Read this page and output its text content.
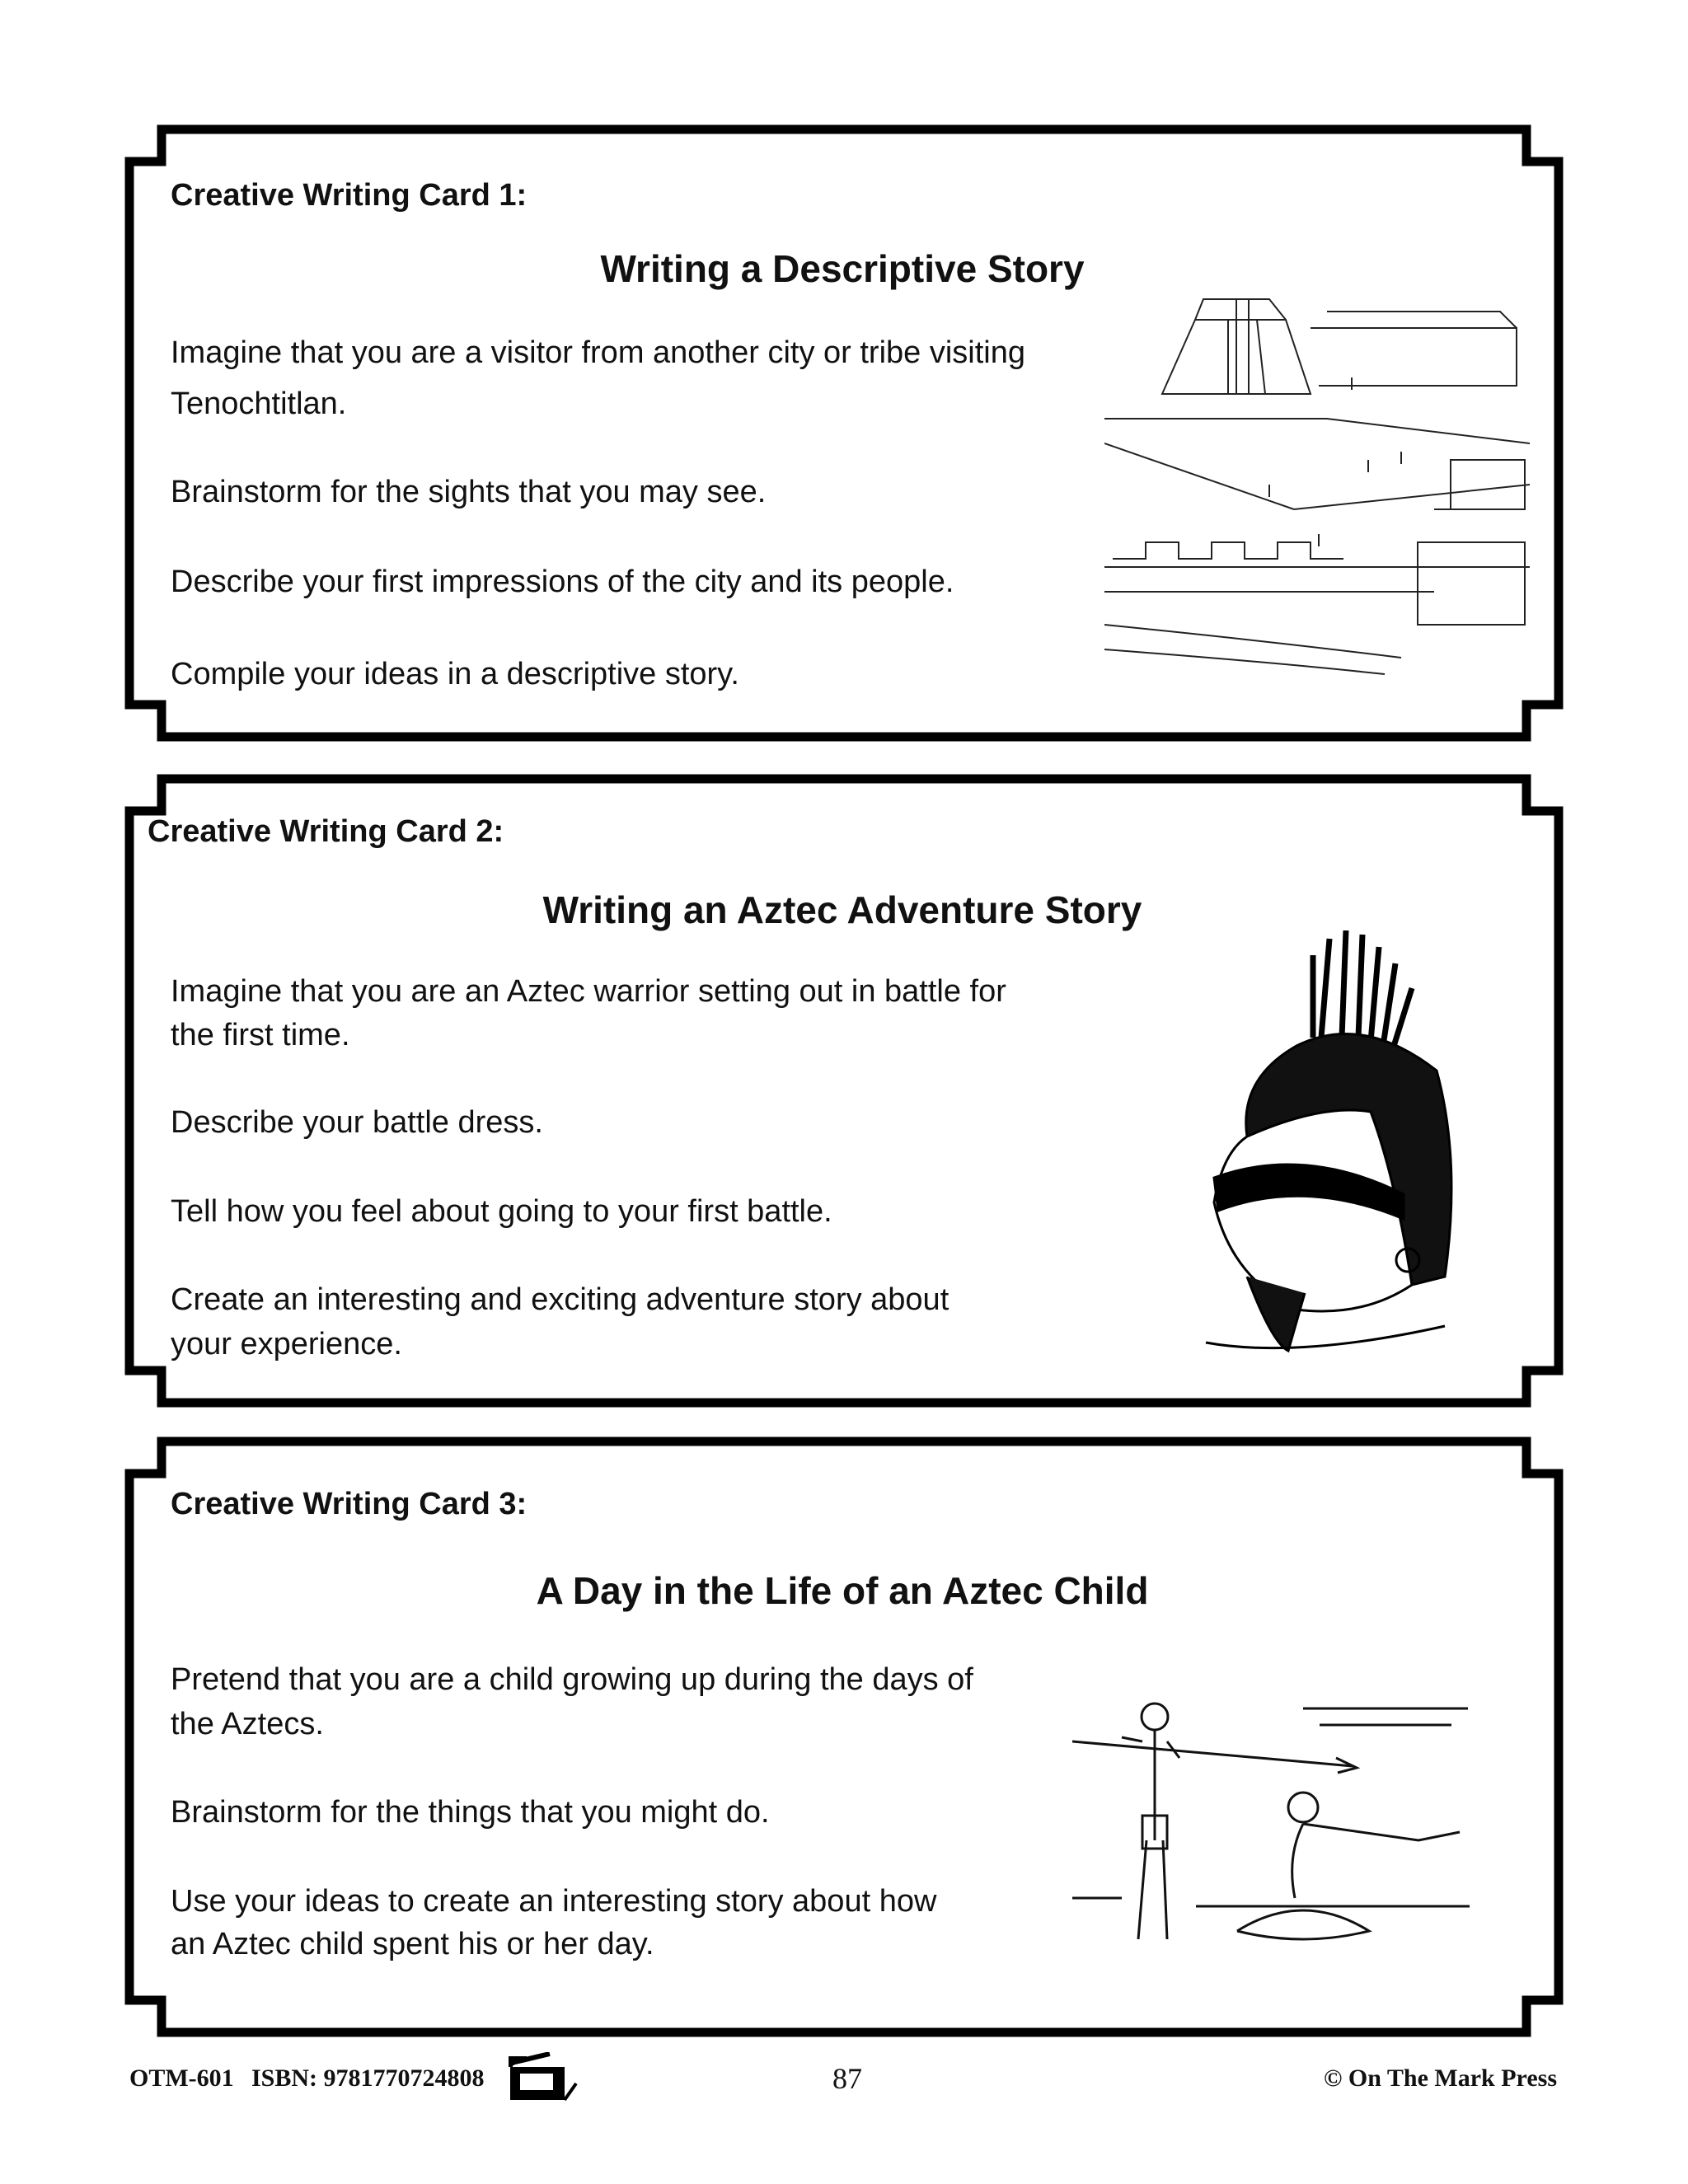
Creative Writing Card 1:
Writing a Descriptive Story
Imagine that you are a visitor from another city or tribe visiting
Tenochtitlan.
Brainstorm for the sights that you may see.
Describe your first impressions of the city and its people.
Compile your ideas in a descriptive story.
Creative Writing Card 2:
Writing an Aztec Adventure Story
Imagine that you are an Aztec warrior setting out in battle for
the first time.
Describe your battle dress.
Tell how you feel about going to your first battle.
Create an interesting and exciting adventure story about
your experience.
Creative Writing Card 3:
A Day in the Life of an Aztec Child
Pretend that you are a child growing up during the days of
the Aztecs.
Brainstorm for the things that you might do.
Use your ideas to create an interesting story about how
an Aztec child spent his or her day.
OTM-601 ISBN: 9781770724808	87	© On The Mark Press
